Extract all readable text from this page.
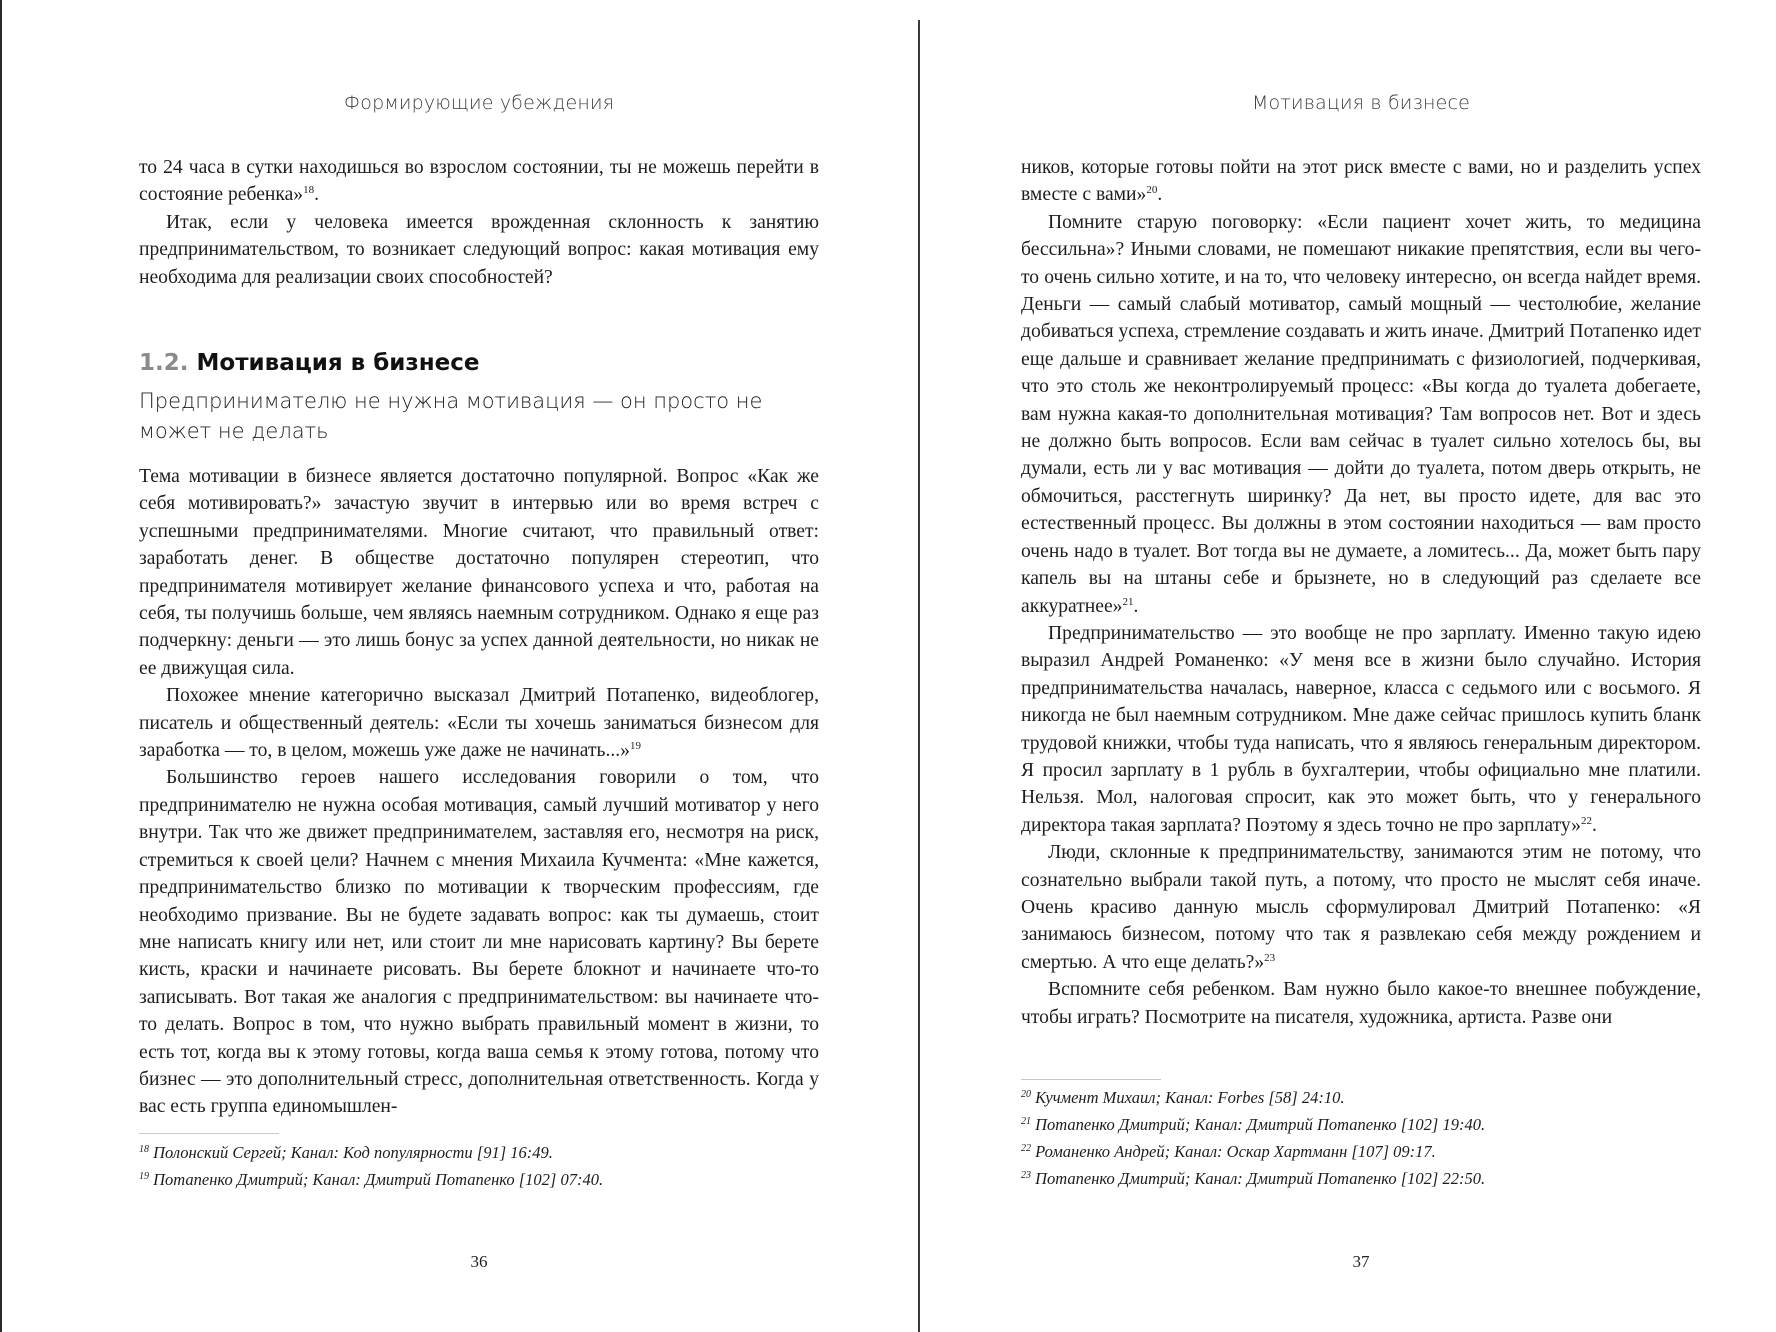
Формирующие убеждения

то 24 часа в сутки находишься во взрослом состоянии, ты не можешь перейти в состояние ребенка»$^{18}$.

Итак, если у человека имеется врожденная склонность к занятию предпринимательством, то возникает следующий вопрос: какая мотивация ему необходима для реализации своих способностей?

1.2. Мотивация в бизнесе
Предпринимателю не нужна мотивация — он просто не может не делать

Тема мотивации в бизнесе является достаточно популярной. Вопрос «Как же себя мотивировать?» зачастую звучит в интервью или во время встреч с успешными предпринимателями. Многие считают, что правильный ответ: заработать денег. В обществе достаточно популярен стереотип, что предпринимателя мотивирует желание финансового успеха и что, работая на себя, ты получишь больше, чем являясь наемным сотрудником. Однако я еще раз подчеркну: деньги — это лишь бонус за успех данной деятельности, но никак не ее движущая сила.

Похожее мнение категорично высказал Дмитрий Потапенко, видеоблогер, писатель и общественный деятель: «Если ты хочешь заниматься бизнесом для заработка — то, в целом, можешь уже даже не начинать...»$^{19}$

Большинство героев нашего исследования говорили о том, что предпринимателю не нужна особая мотивация, самый лучший мотиватор у него внутри. Так что же движет предпринимателем, заставляя его, несмотря на риск, стремиться к своей цели? Начнем с мнения Михаила Кучмента: «Мне кажется, предпринимательство близко по мотивации к творческим профессиям, где необходимо призвание. Вы не будете задавать вопрос: как ты думаешь, стоит мне написать книгу или нет, или стоит ли мне нарисовать картину? Вы берете кисть, краски и начинаете рисовать. Вы берете блокнот и начинаете что-то записывать. Вот такая же аналогия с предпринимательством: вы начинаете что-то делать. Вопрос в том, что нужно выбрать правильный момент в жизни, то есть тот, когда вы к этому готовы, когда ваша семья к этому готова, потому что бизнес — это дополнительный стресс, дополнительная ответственность. Когда у вас есть группа единомышлен-

$^{18}$ Полонский Сергей; Канал: Код популярности [91] 16:49.
$^{19}$ Потапенко Дмитрий; Канал: Дмитрий Потапенко [102] 07:40.
36
Мотивация в бизнесе

ников, которые готовы пойти на этот риск вместе с вами, но и разделить успех вместе с вами»$^{20}$.

Помните старую поговорку: «Если пациент хочет жить, то медицина бессильна»? Иными словами, не помешают никакие препятствия, если вы чего-то очень сильно хотите, и на то, что человеку интересно, он всегда найдет время. Деньги — самый слабый мотиватор, самый мощный — честолюбие, желание добиваться успеха, стремление создавать и жить иначе. Дмитрий Потапенко идет еще дальше и сравнивает желание предпринимать с физиологией, подчеркивая, что это столь же неконтролируемый процесс: «Вы когда до туалета добегаете, вам нужна какая-то дополнительная мотивация? Там вопросов нет. Вот и здесь не должно быть вопросов. Если вам сейчас в туалет сильно хотелось бы, вы думали, есть ли у вас мотивация — дойти до туалета, потом дверь открыть, не обмочиться, расстегнуть ширинку? Да нет, вы просто идете, для вас это естественный процесс. Вы должны в этом состоянии находиться — вам просто очень надо в туалет. Вот тогда вы не думаете, а ломитесь... Да, может быть пару капель вы на штаны себе и брызнете, но в следующий раз сделаете все аккуратнее»$^{21}$.

Предпринимательство — это вообще не про зарплату. Именно такую идею выразил Андрей Романенко: «У меня все в жизни было случайно. История предпринимательства началась, наверное, класса с седьмого или с восьмого. Я никогда не был наемным сотрудником. Мне даже сейчас пришлось купить бланк трудовой книжки, чтобы туда написать, что я являюсь генеральным директором. Я просил зарплату в 1 рубль в бухгалтерии, чтобы официально мне платили. Нельзя. Мол, налоговая спросит, как это может быть, что у генерального директора такая зарплата? Поэтому я здесь точно не про зарплату»$^{22}$.

Люди, склонные к предпринимательству, занимаются этим не потому, что сознательно выбрали такой путь, а потому, что просто не мыслят себя иначе. Очень красиво данную мысль сформулировал Дмитрий Потапенко: «Я занимаюсь бизнесом, потому что так я развлекаю себя между рождением и смертью. А что еще делать?»$^{23}$

Вспомните себя ребенком. Вам нужно было какое-то внешнее побуждение, чтобы играть? Посмотрите на писателя, художника, артиста. Разве они

$^{20}$ Кучмент Михаил; Канал: Forbes [58] 24:10.
$^{21}$ Потапенко Дмитрий; Канал: Дмитрий Потапенко [102] 19:40.
$^{22}$ Романенко Андрей; Канал: Оскар Хартманн [107] 09:17.
$^{23}$ Потапенко Дмитрий; Канал: Дмитрий Потапенко [102] 22:50.
37
